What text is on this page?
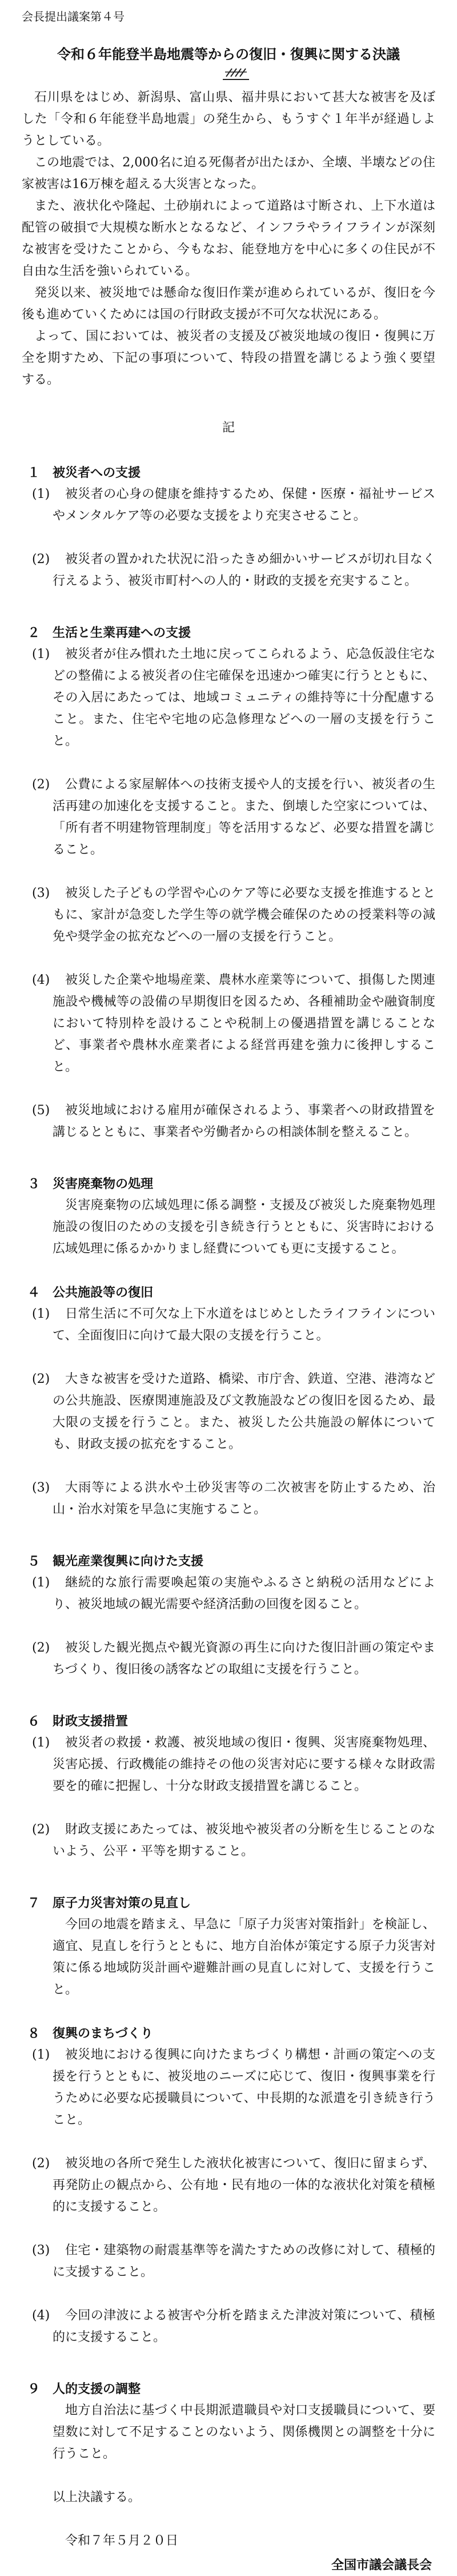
会長提出議案第４号
令和６年能登半島地震等からの復旧・復興に関する決議

石川県をはじめ、新潟県、富山県、福井県において甚大な被害を及ぼした「令和６年能登半島地震」の発生から、もうすぐ１年半が経過しようとしている。

この地震では、2,000名に迫る死傷者が出たほか、全壊、半壊などの住家被害は16万棟を超える大災害となった。

また、液状化や隆起、土砂崩れによって道路は寸断され、上下水道は配管の破損で大規模な断水となるなど、インフラやライフラインが深刻な被害を受けたことから、今もなお、能登地方を中心に多くの住民が不自由な生活を強いられている。

発災以来、被災地では懸命な復旧作業が進められているが、復旧を今後も進めていくためには国の行財政支援が不可欠な状況にある。

よって、国においては、被災者の支援及び被災地域の復旧・復興に万全を期すため、下記の事項について、特段の措置を講じるよう強く要望する。

記
１ 被災者への支援
(1)	被災者の心身の健康を維持するため、保健・医療・福祉サービスやメンタルケア等の必要な支援をより充実させること。
(2)	被災者の置かれた状況に沿ったきめ細かいサービスが切れ目なく行えるよう、被災市町村への人的・財政的支援を充実すること。
２ 生活と生業再建への支援
(1)	被災者が住み慣れた土地に戻ってこられるよう、応急仮設住宅などの整備による被災者の住宅確保を迅速かつ確実に行うとともに、その入居にあたっては、地域コミュニティの維持等に十分配慮すること。また、住宅や宅地の応急修理などへの一層の支援を行うこと。
(2)	公費による家屋解体への技術支援や人的支援を行い、被災者の生活再建の加速化を支援すること。また、倒壊した空家については、「所有者不明建物管理制度」等を活用するなど、必要な措置を講じること。
(3)	被災した子どもの学習や心のケア等に必要な支援を推進するとともに、家計が急変した学生等の就学機会確保のための授業料等の減免や奨学金の拡充などへの一層の支援を行うこと。
(4)	被災した企業や地場産業、農林水産業等について、損傷した関連施設や機械等の設備の早期復旧を図るため、各種補助金や融資制度において特別枠を設けることや税制上の優遇措置を講じることなど、事業者や農林水産業者による経営再建を強力に後押しすること。
(5)	被災地域における雇用が確保されるよう、事業者への財政措置を講じるとともに、事業者や労働者からの相談体制を整えること。
３ 災害廃棄物の処理

災害廃棄物の広域処理に係る調整・支援及び被災した廃棄物処理施設の復旧のための支援を引き続き行うとともに、災害時における広域処理に係るかかりまし経費についても更に支援すること。

４ 公共施設等の復旧
(1)	日常生活に不可欠な上下水道をはじめとしたライフラインについて、全面復旧に向けて最大限の支援を行うこと。
(2)	大きな被害を受けた道路、橋梁、市庁舎、鉄道、空港、港湾などの公共施設、医療関連施設及び文教施設などの復旧を図るため、最大限の支援を行うこと。また、被災した公共施設の解体についても、財政支援の拡充をすること。
(3)	大雨等による洪水や土砂災害等の二次被害を防止するため、治山・治水対策を早急に実施すること。
５ 観光産業復興に向けた支援
(1)	継続的な旅行需要喚起策の実施やふるさと納税の活用などにより、被災地域の観光需要や経済活動の回復を図ること。
(2)	被災した観光拠点や観光資源の再生に向けた復旧計画の策定やまちづくり、復旧後の誘客などの取組に支援を行うこと。
６ 財政支援措置
(1)	被災者の救援・救護、被災地域の復旧・復興、災害廃棄物処理、災害応援、行政機能の維持その他の災害対応に要する様々な財政需要を的確に把握し、十分な財政支援措置を講じること。
(2)	財政支援にあたっては、被災地や被災者の分断を生じることのないよう、公平・平等を期すること。
７ 原子力災害対策の見直し

今回の地震を踏まえ、早急に「原子力災害対策指針」を検証し、適宜、見直しを行うとともに、地方自治体が策定する原子力災害対策に係る地域防災計画や避難計画の見直しに対して、支援を行うこと。

８ 復興のまちづくり
(1)	被災地における復興に向けたまちづくり構想・計画の策定への支援を行うとともに、被災地のニーズに応じて、復旧・復興事業を行うために必要な応援職員について、中長期的な派遣を引き続き行うこと。
(2)	被災地の各所で発生した液状化被害について、復旧に留まらず、再発防止の観点から、公有地・民有地の一体的な液状化対策を積極的に支援すること。
(3)	住宅・建築物の耐震基準等を満たすための改修に対して、積極的に支援すること。
(4)	今回の津波による被害や分析を踏まえた津波対策について、積極的に支援すること。
９ 人的支援の調整

地方自治法に基づく中長期派遣職員や対口支援職員について、要望数に対して不足することのないよう、関係機関との調整を十分に行うこと。

以上決議する。

令和７年５月２０日

全国市議会議長会
